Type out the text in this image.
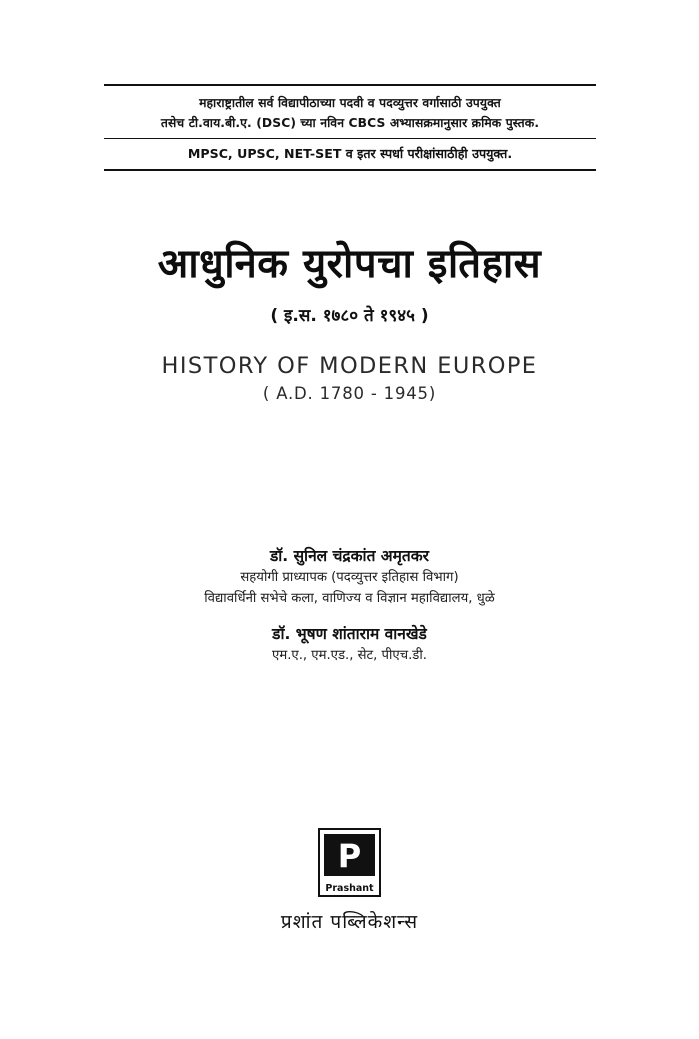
महाराष्ट्रातील सर्व विद्यापीठाच्या पदवी व पदव्युत्तर वर्गासाठी उपयुक्त
तसेच टी.वाय.बी.ए. (DSC) च्या नविन CBCS अभ्यासक्रमानुसार क्रमिक पुस्तक.
MPSC, UPSC, NET-SET व इतर स्पर्धा परीक्षांसाठीही उपयुक्त.
आधुनिक युरोपचा इतिहास
( इ.स. १७८० ते १९४५ )
HISTORY OF MODERN EUROPE
( A.D. 1780 - 1945)
डॉ. सुनिल चंद्रकांत अमृतकर
सहयोगी प्राध्यापक (पदव्युत्तर इतिहास विभाग)
विद्यावर्धिनी सभेचे कला, वाणिज्य व विज्ञान महाविद्यालय, धुळे
डॉ. भूषण शांताराम वानखेडे
एम.ए., एम.एड., सेट, पीएच.डी.
P
Prashant
प्रशांत पब्लिकेशन्स
